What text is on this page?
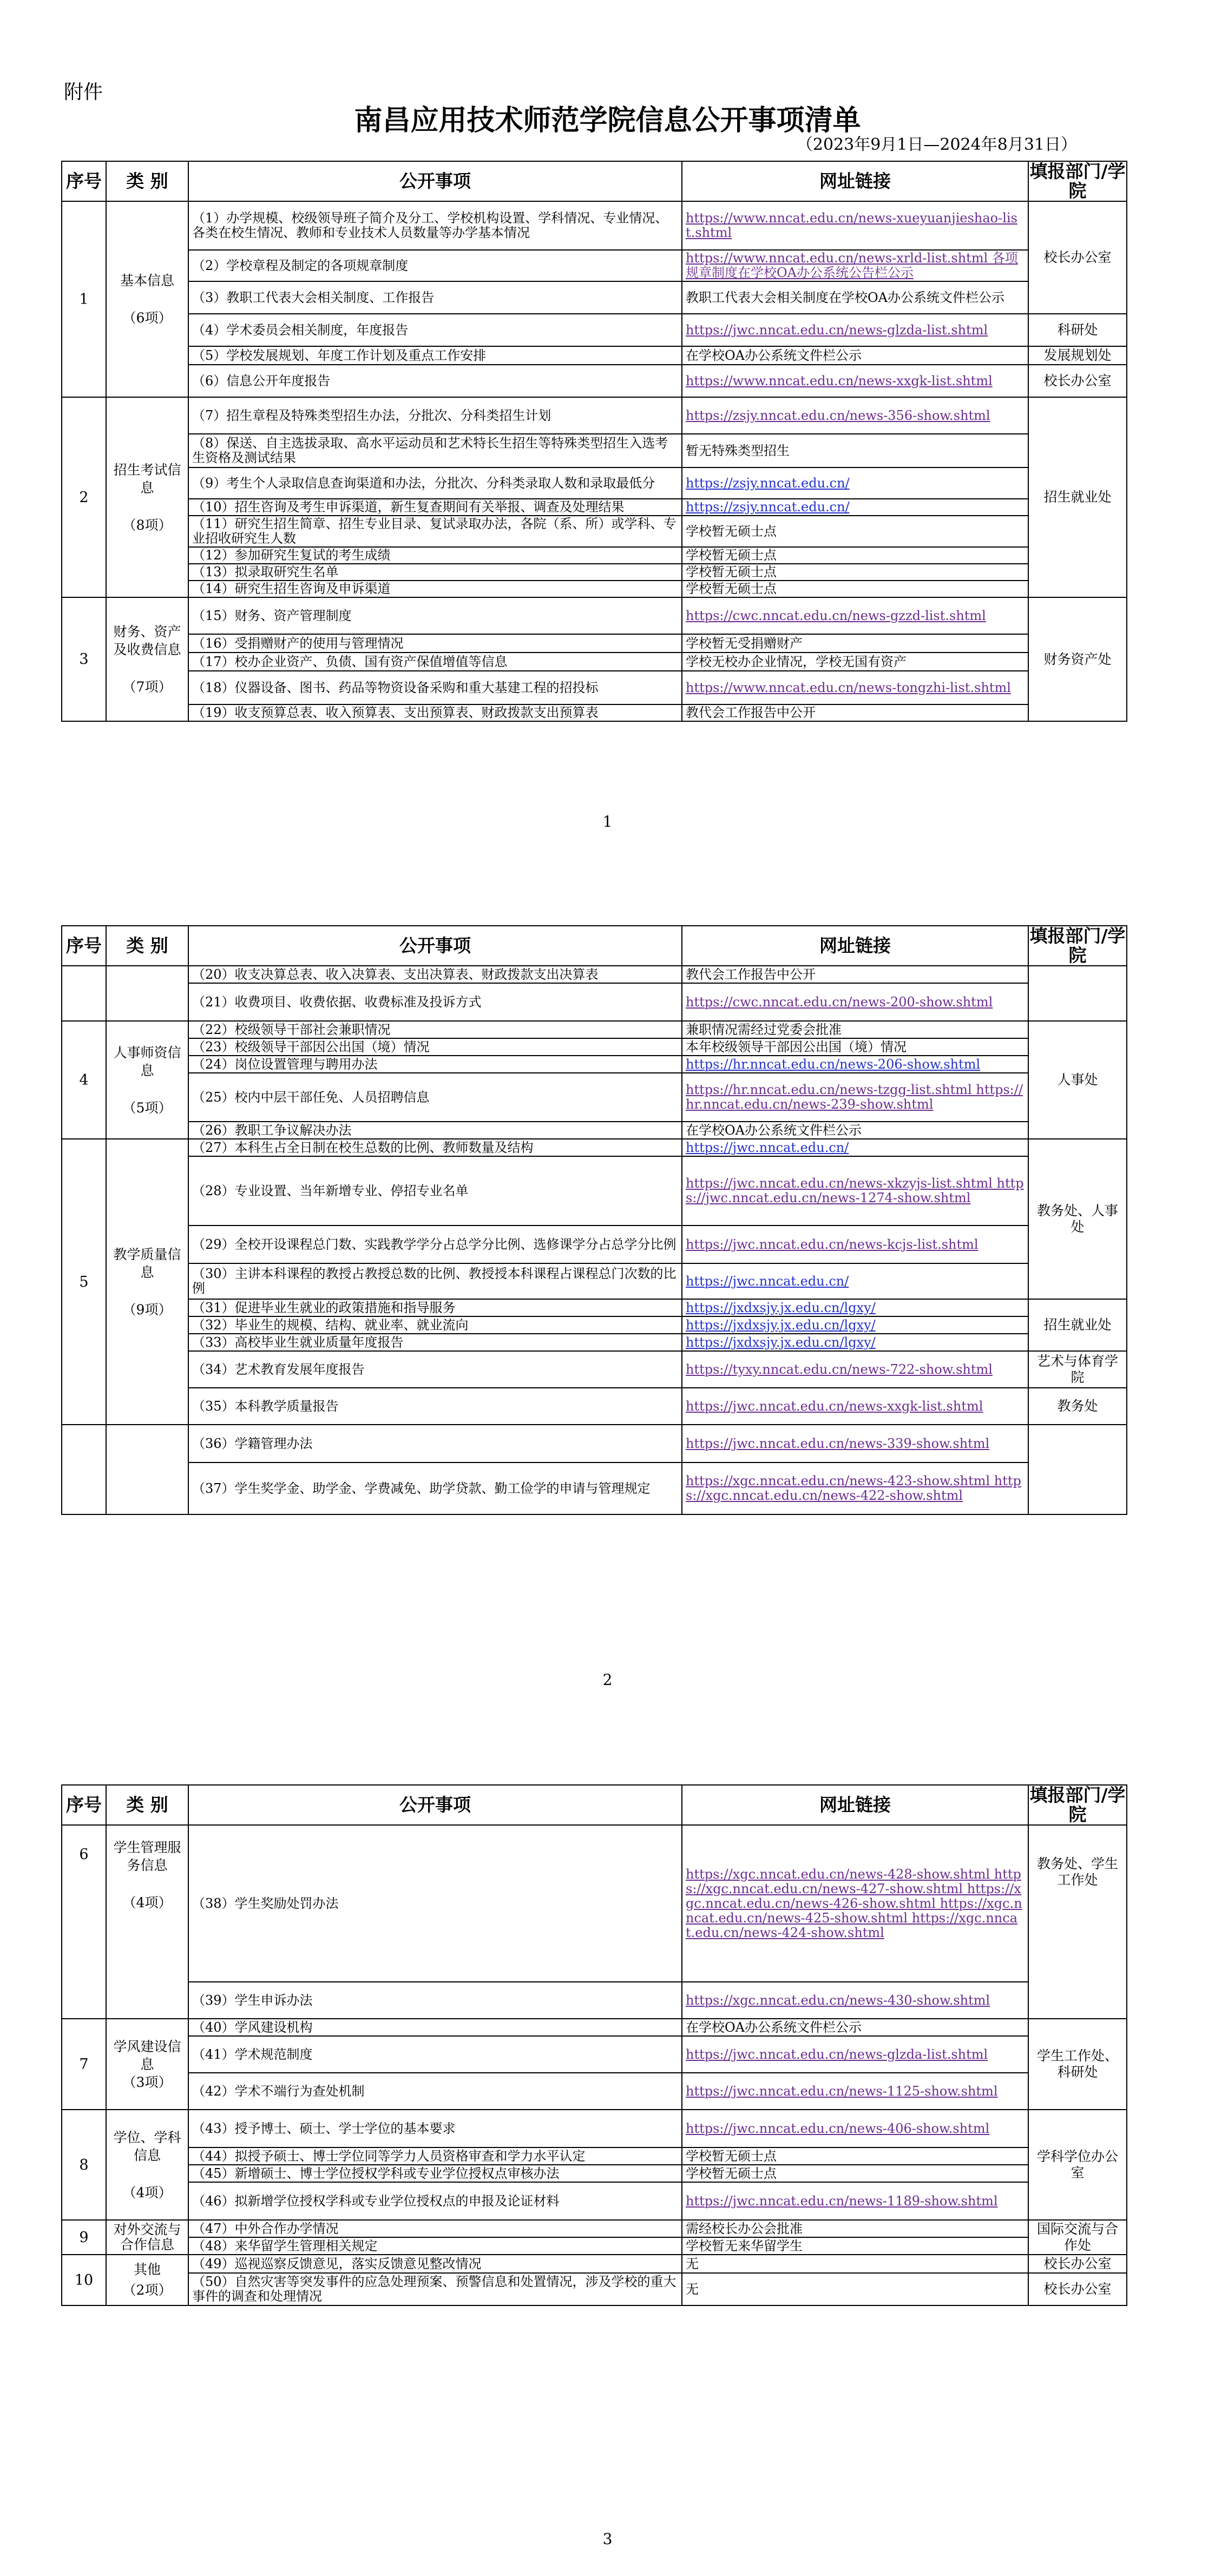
附件
南昌应用技术师范学院信息公开事项清单
（2023年9月1日—2024年8月31日）
序号	类 别	公开事项	网址链接	填报部门/学院
1	基本信息
（6项）	（1）办学规模、校级领导班子简介及分工、学校机构设置、学科情况、专业情况、各类在校生情况、教师和专业技术人员数量等办学基本情况	https://www.nncat.edu.cn/news-xueyuanjieshao-list.shtml	校长办公室
		（2）学校章程及制定的各项规章制度	https://www.nncat.edu.cn/news-xrld-list.shtml 各项规章制度在学校OA办公系统公告栏公示	
		（3）教职工代表大会相关制度、工作报告	教职工代表大会相关制度在学校OA办公系统文件栏公示	
		（4）学术委员会相关制度，年度报告	https://jwc.nncat.edu.cn/news-glzda-list.shtml	科研处
		（5）学校发展规划、年度工作计划及重点工作安排	在学校OA办公系统文件栏公示	发展规划处
		（6）信息公开年度报告	https://www.nncat.edu.cn/news-xxgk-list.shtml	校长办公室
2	招生考试信息
（8项）	（7）招生章程及特殊类型招生办法，分批次、分科类招生计划	https://zsjy.nncat.edu.cn/news-356-show.shtml	招生就业处
		（8）保送、自主选拔录取、高水平运动员和艺术特长生招生等特殊类型招生入选考生资格及测试结果	暂无特殊类型招生	
		（9）考生个人录取信息查询渠道和办法，分批次、分科类录取人数和录取最低分	https://zsjy.nncat.edu.cn/	
		（10）招生咨询及考生申诉渠道，新生复查期间有关举报、调查及处理结果	https://zsjy.nncat.edu.cn/	
		（11）研究生招生简章、招生专业目录、复试录取办法，各院（系、所）或学科、专业招收研究生人数	学校暂无硕士点	
		（12）参加研究生复试的考生成绩	学校暂无硕士点	
		（13）拟录取研究生名单	学校暂无硕士点	
		（14）研究生招生咨询及申诉渠道	学校暂无硕士点	
3	财务、资产及收费信息
（7项）	（15）财务、资产管理制度	https://cwc.nncat.edu.cn/news-gzzd-list.shtml	财务资产处
		（16）受捐赠财产的使用与管理情况	学校暂无受捐赠财产	
		（17）校办企业资产、负债、国有资产保值增值等信息	学校无校办企业情况，学校无国有资产	
		（18）仪器设备、图书、药品等物资设备采购和重大基建工程的招投标	https://www.nncat.edu.cn/news-tongzhi-list.shtml	
		（19）收支预算总表、收入预算表、支出预算表、财政拨款支出预算表	教代会工作报告中公开	
1
序号	类 别	公开事项	网址链接	填报部门/学院
		（20）收支决算总表、收入决算表、支出决算表、财政拨款支出决算表	教代会工作报告中公开	
		（21）收费项目、收费依据、收费标准及投诉方式	https://cwc.nncat.edu.cn/news-200-show.shtml	
4	人事师资信息
（5项）	（22）校级领导干部社会兼职情况	兼职情况需经过党委会批准	人事处
		（23）校级领导干部因公出国（境）情况	本年校级领导干部因公出国（境）情况	
		（24）岗位设置管理与聘用办法	https://hr.nncat.edu.cn/news-206-show.shtml	
		（25）校内中层干部任免、人员招聘信息	https://hr.nncat.edu.cn/news-tzgg-list.shtml https://hr.nncat.edu.cn/news-239-show.shtml	
		（26）教职工争议解决办法	在学校OA办公系统文件栏公示	
5	教学质量信息
（9项）	（27）本科生占全日制在校生总数的比例、教师数量及结构	https://jwc.nncat.edu.cn/	教务处、人事处
		（28）专业设置、当年新增专业、停招专业名单	https://jwc.nncat.edu.cn/news-xkzyjs-list.shtml https://jwc.nncat.edu.cn/news-1274-show.shtml	
		（29）全校开设课程总门数、实践教学学分占总学分比例、选修课学分占总学分比例	https://jwc.nncat.edu.cn/news-kcjs-list.shtml	
		（30）主讲本科课程的教授占教授总数的比例、教授授本科课程占课程总门次数的比例	https://jwc.nncat.edu.cn/	
		（31）促进毕业生就业的政策措施和指导服务	https://jxdxsjy.jx.edu.cn/lgxy/	招生就业处
		（32）毕业生的规模、结构、就业率、就业流向	https://jxdxsjy.jx.edu.cn/lgxy/	
		（33）高校毕业生就业质量年度报告	https://jxdxsjy.jx.edu.cn/lgxy/	
		（34）艺术教育发展年度报告	https://tyxy.nncat.edu.cn/news-722-show.shtml	艺术与体育学院
		（35）本科教学质量报告	https://jwc.nncat.edu.cn/news-xxgk-list.shtml	教务处
		（36）学籍管理办法	https://jwc.nncat.edu.cn/news-339-show.shtml	
		（37）学生奖学金、助学金、学费减免、助学贷款、勤工俭学的申请与管理规定	https://xgc.nncat.edu.cn/news-423-show.shtml https://xgc.nncat.edu.cn/news-422-show.shtml	
2
序号	类 别	公开事项	网址链接	填报部门/学院
6	学生管理服务信息
（4项）	（38）学生奖励处罚办法	https://xgc.nncat.edu.cn/news-428-show.shtml https://xgc.nncat.edu.cn/news-427-show.shtml https://xgc.nncat.edu.cn/news-426-show.shtml https://xgc.nncat.edu.cn/news-425-show.shtml https://xgc.nncat.edu.cn/news-424-show.shtml	教务处、学生工作处
		（39）学生申诉办法	https://xgc.nncat.edu.cn/news-430-show.shtml	
7	学风建设信息
（3项）	（40）学风建设机构	在学校OA办公系统文件栏公示	学生工作处、科研处
		（41）学术规范制度	https://jwc.nncat.edu.cn/news-glzda-list.shtml	
		（42）学术不端行为查处机制	https://jwc.nncat.edu.cn/news-1125-show.shtml	
8	学位、学科信息
（4项）	（43）授予博士、硕士、学士学位的基本要求	https://jwc.nncat.edu.cn/news-406-show.shtml	学科学位办公室
		（44）拟授予硕士、博士学位同等学力人员资格审查和学力水平认定	学校暂无硕士点	
		（45）新增硕士、博士学位授权学科或专业学位授权点审核办法	学校暂无硕士点	
		（46）拟新增学位授权学科或专业学位授权点的申报及论证材料	https://jwc.nncat.edu.cn/news-1189-show.shtml	
9	对外交流与合作信息	（47）中外合作办学情况	需经校长办公会批准	国际交流与合作处
		（48）来华留学生管理相关规定	学校暂无来华留学生	
10	其他
（2项）	（49）巡视巡察反馈意见，落实反馈意见整改情况	无	校长办公室
		（50）自然灾害等突发事件的应急处理预案、预警信息和处置情况，涉及学校的重大事件的调查和处理情况	无	校长办公室
3
